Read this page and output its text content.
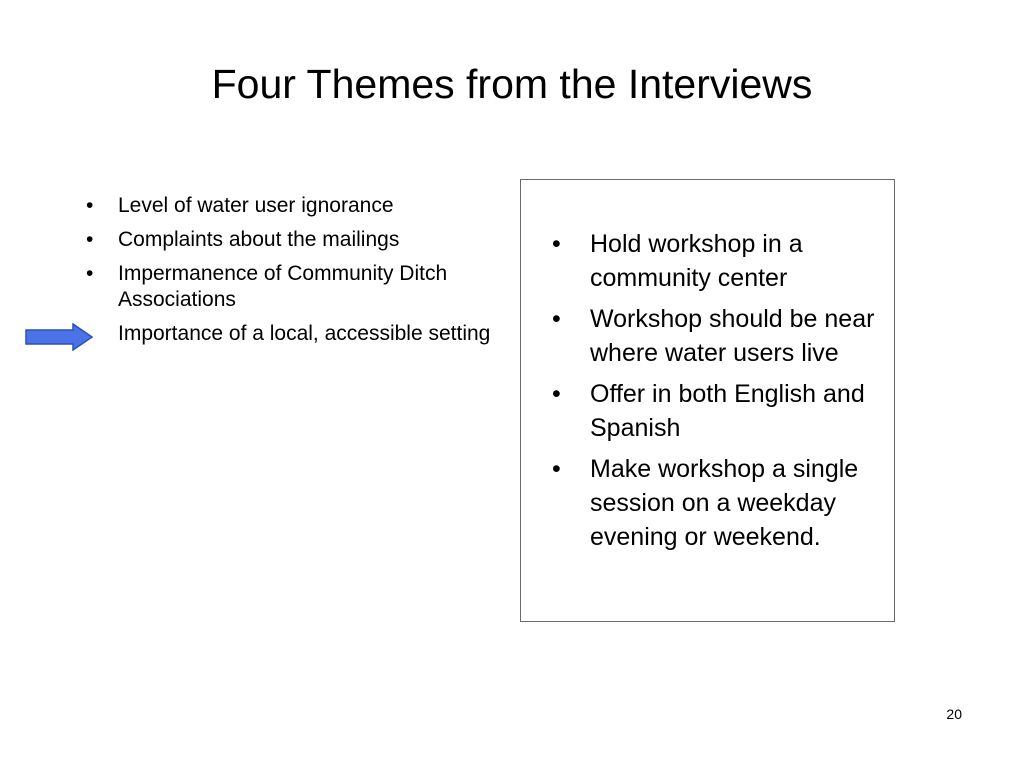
Four Themes from the Interviews
• Level of water user ignorance
• Complaints about the mailings
• Impermanence of Community Ditch Associations
Importance of a local, accessible setting
• Hold workshop in a community center
• Workshop should be near where water users live
• Offer in both English and Spanish
• Make workshop a single session on a weekday evening or weekend.
20
